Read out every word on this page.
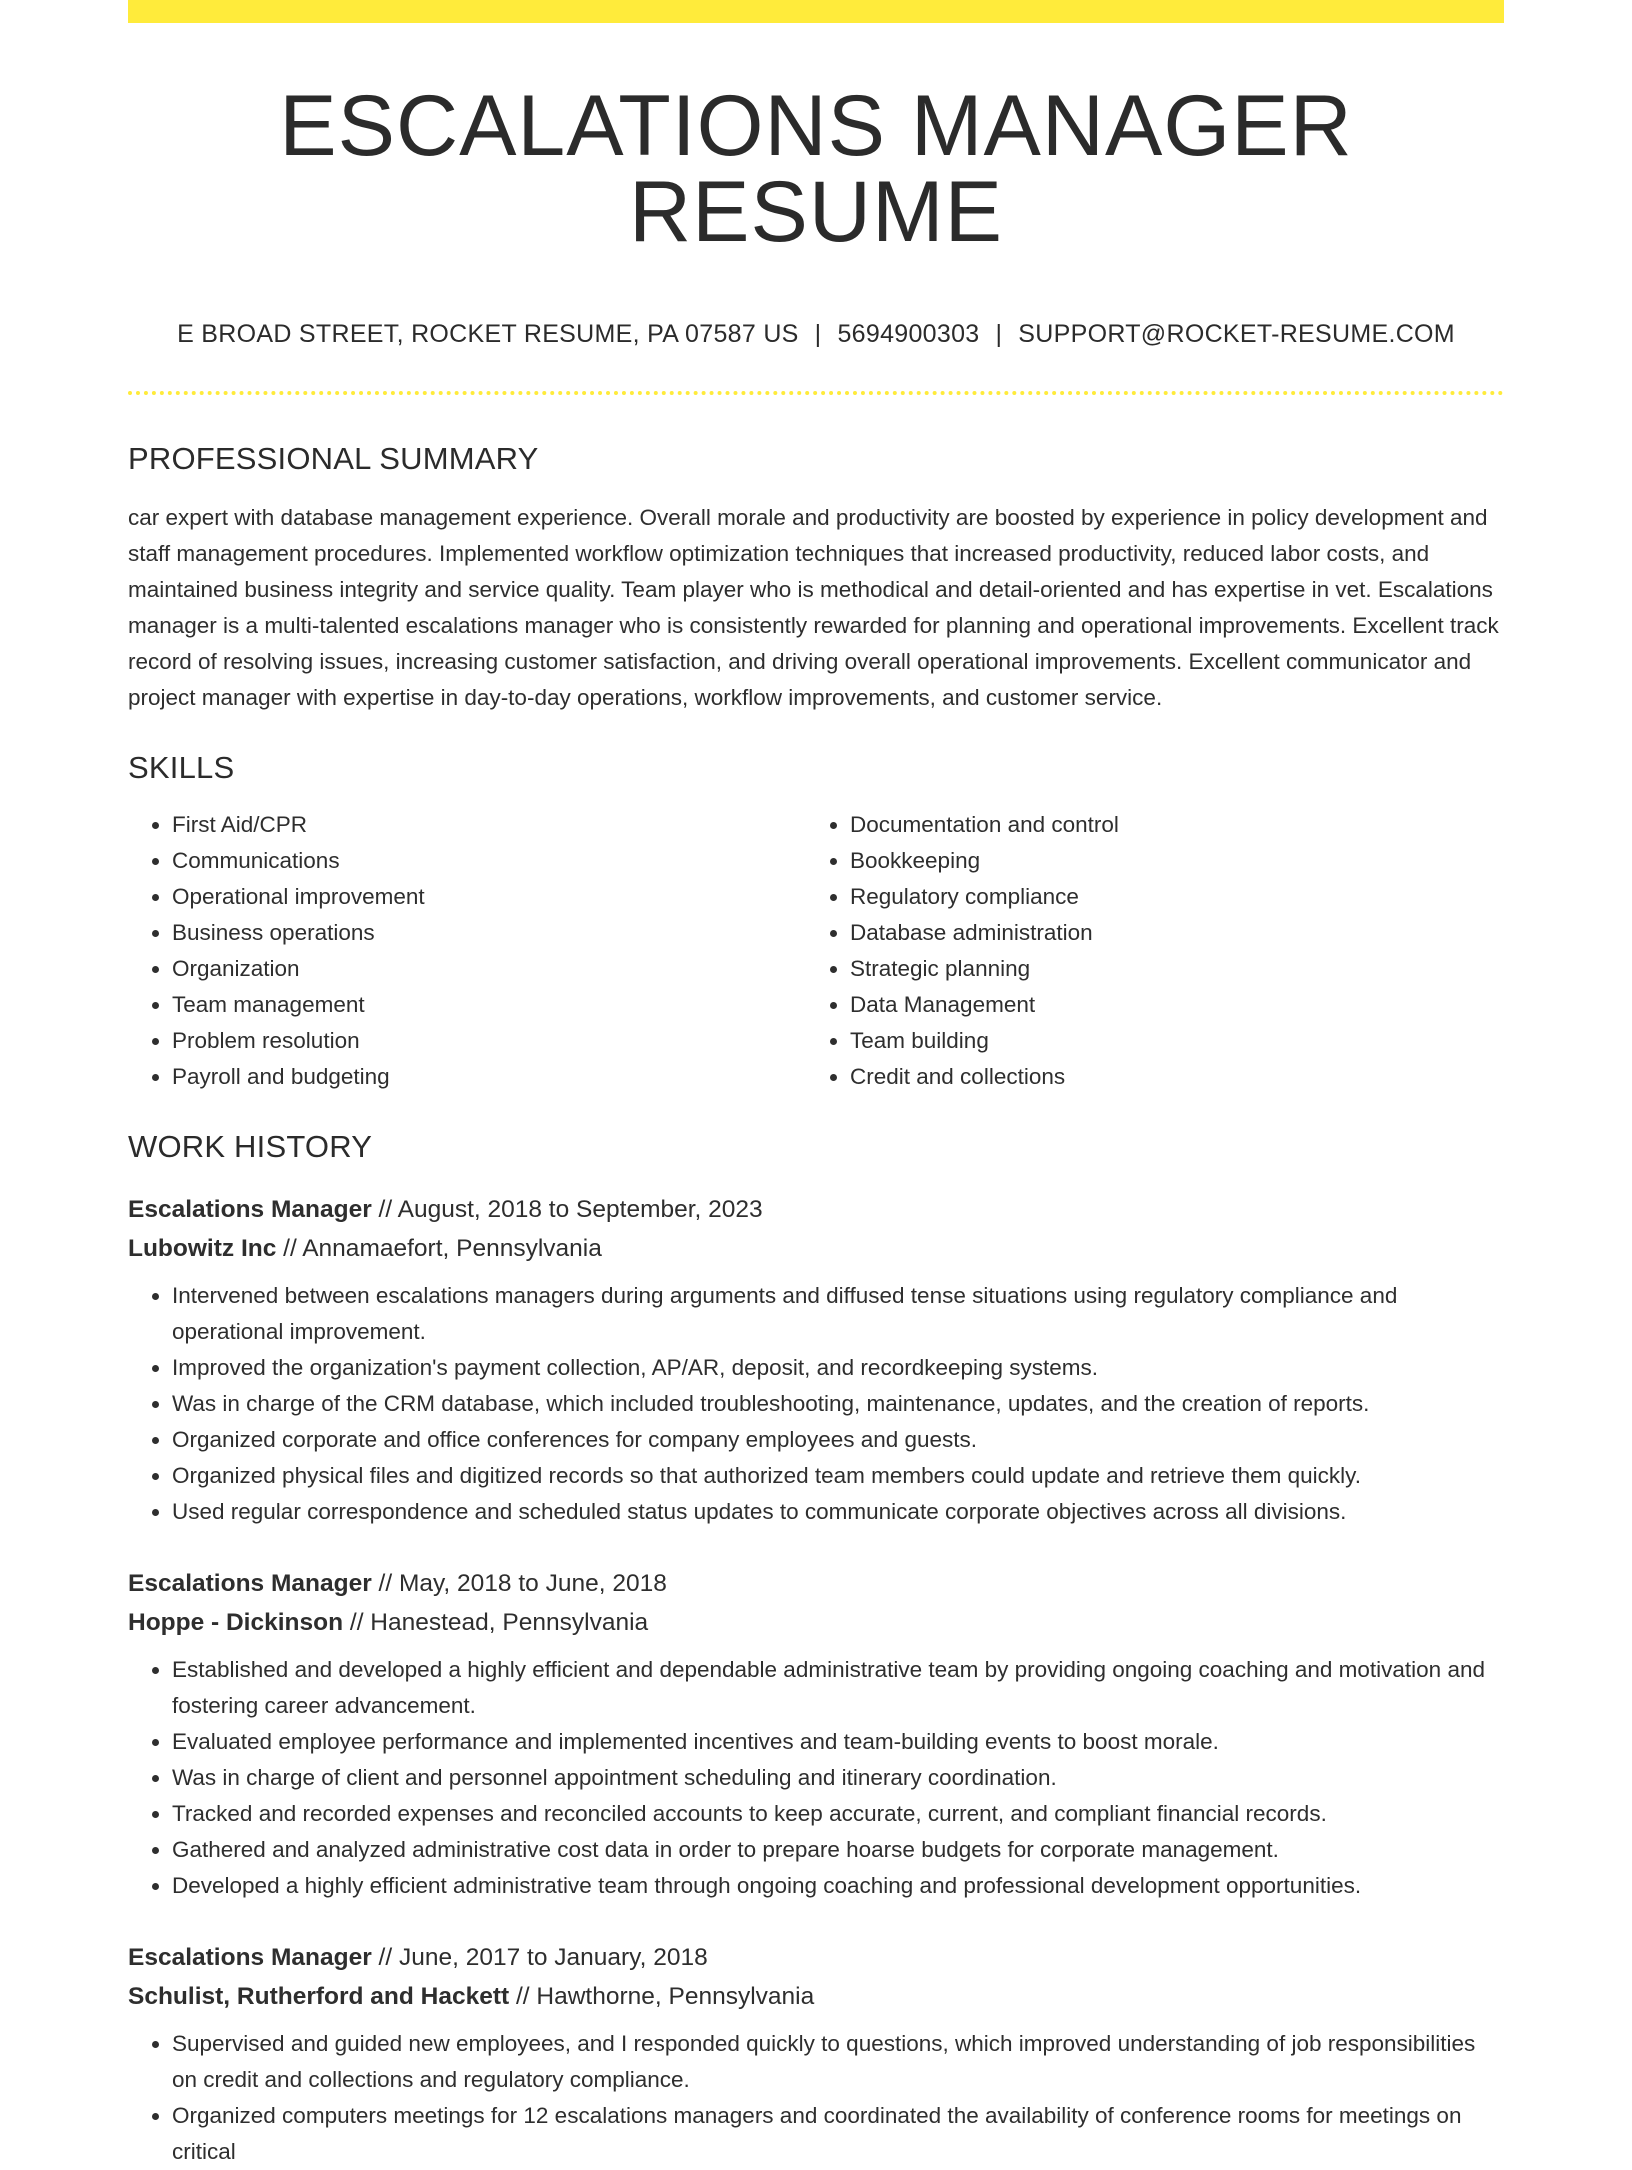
ESCALATIONS MANAGER RESUME
E BROAD STREET, ROCKET RESUME, PA 07587 US | 5694900303 | SUPPORT@ROCKET-RESUME.COM
PROFESSIONAL SUMMARY
car expert with database management experience. Overall morale and productivity are boosted by experience in policy development and staff management procedures. Implemented workflow optimization techniques that increased productivity, reduced labor costs, and maintained business integrity and service quality. Team player who is methodical and detail-oriented and has expertise in vet. Escalations manager is a multi-talented escalations manager who is consistently rewarded for planning and operational improvements. Excellent track record of resolving issues, increasing customer satisfaction, and driving overall operational improvements. Excellent communicator and project manager with expertise in day-to-day operations, workflow improvements, and customer service.
SKILLS
• First Aid/CPR
• Communications
• Operational improvement
• Business operations
• Organization
• Team management
• Problem resolution
• Payroll and budgeting
• Documentation and control
• Bookkeeping
• Regulatory compliance
• Database administration
• Strategic planning
• Data Management
• Team building
• Credit and collections
WORK HISTORY
Escalations Manager // August, 2018 to September, 2023
Lubowitz Inc // Annamaefort, Pennsylvania
• Intervened between escalations managers during arguments and diffused tense situations using regulatory compliance and operational improvement.
• Improved the organization's payment collection, AP/AR, deposit, and recordkeeping systems.
• Was in charge of the CRM database, which included troubleshooting, maintenance, updates, and the creation of reports.
• Organized corporate and office conferences for company employees and guests.
• Organized physical files and digitized records so that authorized team members could update and retrieve them quickly.
• Used regular correspondence and scheduled status updates to communicate corporate objectives across all divisions.
Escalations Manager // May, 2018 to June, 2018
Hoppe - Dickinson // Hanestead, Pennsylvania
• Established and developed a highly efficient and dependable administrative team by providing ongoing coaching and motivation and fostering career advancement.
• Evaluated employee performance and implemented incentives and team-building events to boost morale.
• Was in charge of client and personnel appointment scheduling and itinerary coordination.
• Tracked and recorded expenses and reconciled accounts to keep accurate, current, and compliant financial records.
• Gathered and analyzed administrative cost data in order to prepare hoarse budgets for corporate management.
• Developed a highly efficient administrative team through ongoing coaching and professional development opportunities.
Escalations Manager // June, 2017 to January, 2018
Schulist, Rutherford and Hackett // Hawthorne, Pennsylvania
• Supervised and guided new employees, and I responded quickly to questions, which improved understanding of job responsibilities on credit and collections and regulatory compliance.
• Organized computers meetings for 12 escalations managers and coordinated the availability of conference rooms for meetings on critical
